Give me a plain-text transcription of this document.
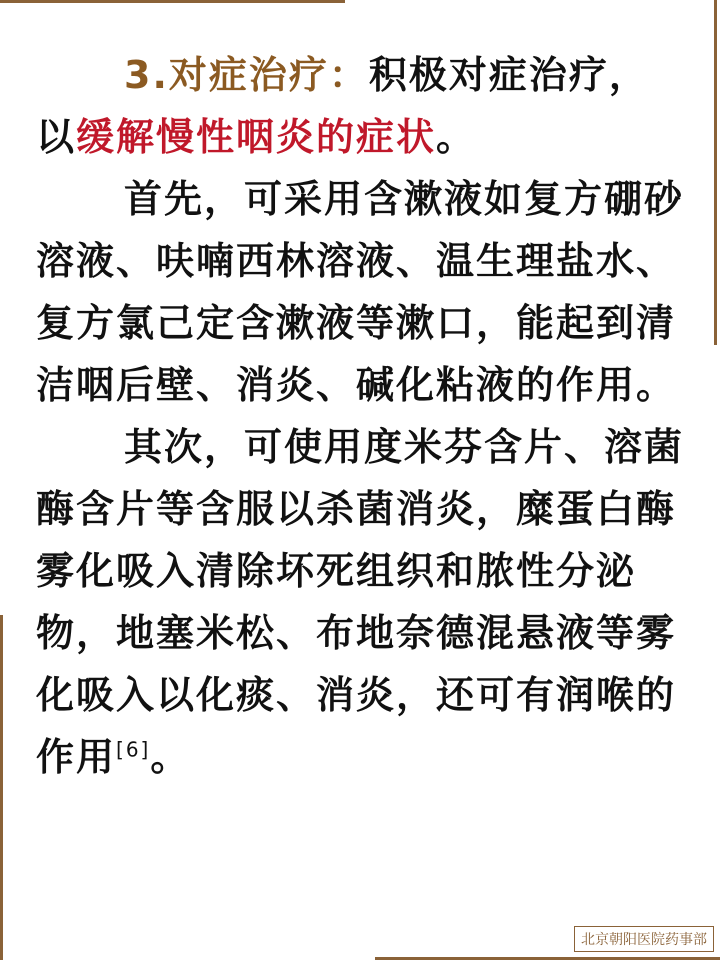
3.对症治疗：积极对症治疗，以缓解慢性咽炎的症状。

首先，可采用含漱液如复方硼砂溶液、呋喃西林溶液、温生理盐水、复方氯己定含漱液等漱口，能起到清洁咽后壁、消炎、碱化粘液的作用。

其次，可使用度米芬含片、溶菌酶含片等含服以杀菌消炎，糜蛋白酶雾化吸入清除坏死组织和脓性分泌物，地塞米松、布地奈德混悬液等雾化吸入以化痰、消炎，还可有润喉的作用[6]。

北京朝阳医院药事部
